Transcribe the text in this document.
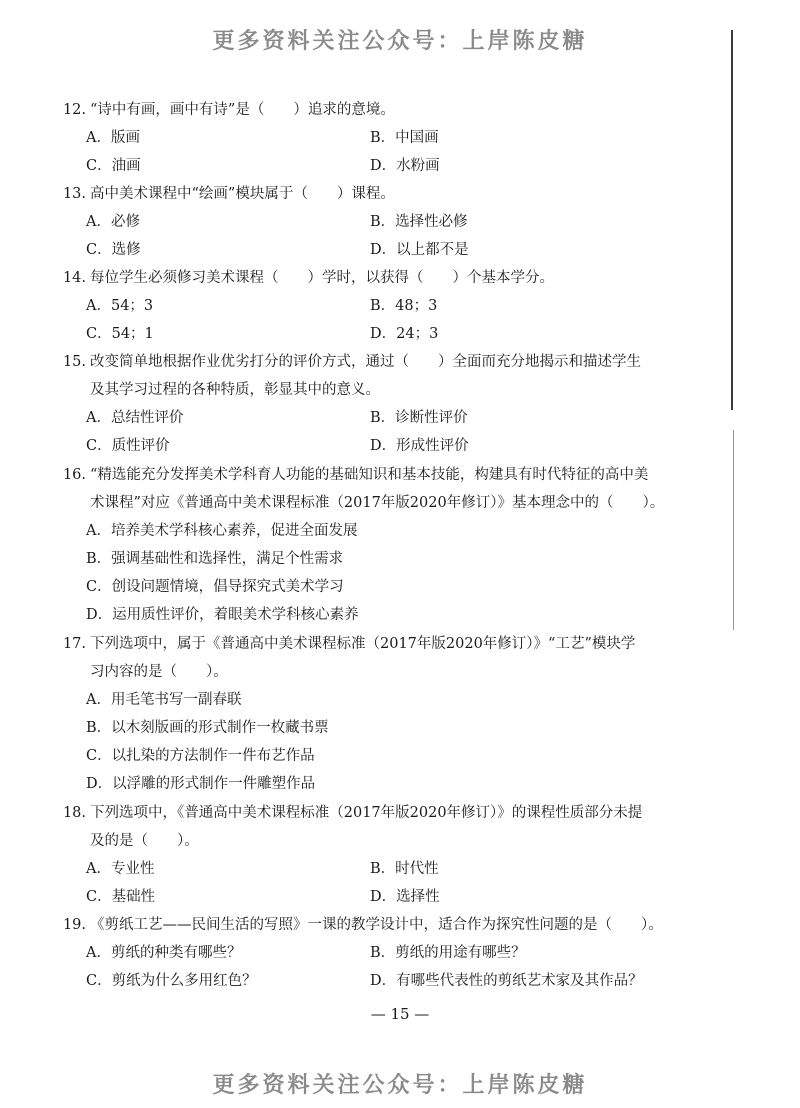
更多资料关注公众号：上岸陈皮糖
12. “诗中有画，画中有诗”是（　　）追求的意境。
A．版画	B．中国画
C．油画	D．水粉画
13. 高中美术课程中“绘画”模块属于（　　）课程。
A．必修	B．选择性必修
C．选修	D．以上都不是
14. 每位学生必须修习美术课程（　　）学时，以获得（　　）个基本学分。
A．54；3	B．48；3
C．54；1	D．24；3
15. 改变简单地根据作业优劣打分的评价方式，通过（　　）全面而充分地揭示和描述学生
及其学习过程的各种特质，彰显其中的意义。
A．总结性评价	B．诊断性评价
C．质性评价	D．形成性评价
16. “精选能充分发挥美术学科育人功能的基础知识和基本技能，构建具有时代特征的高中美
术课程”对应《普通高中美术课程标准（2017年版2020年修订）》基本理念中的（　　）。
A．培养美术学科核心素养，促进全面发展
B．强调基础性和选择性，满足个性需求
C．创设问题情境，倡导探究式美术学习
D．运用质性评价，着眼美术学科核心素养
17. 下列选项中，属于《普通高中美术课程标准（2017年版2020年修订）》“工艺”模块学
习内容的是（　　）。
A．用毛笔书写一副春联
B．以木刻版画的形式制作一枚藏书票
C．以扎染的方法制作一件布艺作品
D．以浮雕的形式制作一件雕塑作品
18. 下列选项中，《普通高中美术课程标准（2017年版2020年修订）》的课程性质部分未提
及的是（　　）。
A．专业性	B．时代性
C．基础性	D．选择性
19. 《剪纸工艺——民间生活的写照》一课的教学设计中，适合作为探究性问题的是（　　）。
A．剪纸的种类有哪些？	B．剪纸的用途有哪些？
C．剪纸为什么多用红色？	D．有哪些代表性的剪纸艺术家及其作品？
— 15 —
更多资料关注公众号：上岸陈皮糖
